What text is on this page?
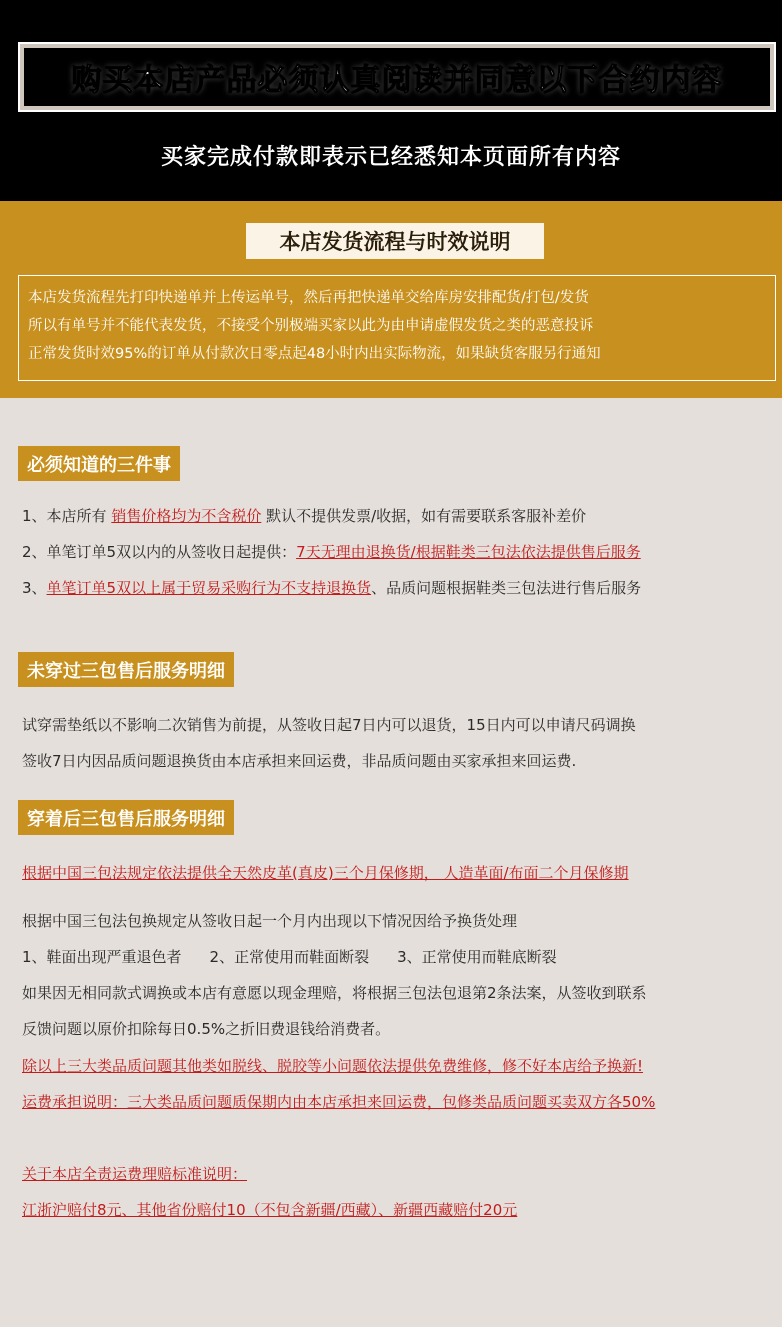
购买本店产品必须认真阅读并同意以下合约内容
买家完成付款即表示已经悉知本页面所有内容
本店发货流程与时效说明
本店发货流程先打印快递单并上传运单号，然后再把快递单交给库房安排配货/打包/发货
所以有单号并不能代表发货，不接受个别极端买家以此为由申请虚假发货之类的恶意投诉
正常发货时效95%的订单从付款次日零点起48小时内出实际物流，如果缺货客服另行通知
必须知道的三件事
1、本店所有 销售价格均为不含税价 默认不提供发票/收据，如有需要联系客服补差价
2、单笔订单5双以内的从签收日起提供：7天无理由退换货/根据鞋类三包法依法提供售后服务
3、单笔订单5双以上属于贸易采购行为不支持退换货、品质问题根据鞋类三包法进行售后服务
未穿过三包售后服务明细
试穿需垫纸以不影响二次销售为前提，从签收日起7日内可以退货，15日内可以申请尺码调换
签收7日内因品质问题退换货由本店承担来回运费，非品质问题由买家承担来回运费.
穿着后三包售后服务明细
根据中国三包法规定依法提供全天然皮革(真皮)三个月保修期， 人造革面/布面二个月保修期
根据中国三包法包换规定从签收日起一个月内出现以下情况因给予换货处理
1、鞋面出现严重退色者 2、正常使用而鞋面断裂 3、正常使用而鞋底断裂
如果因无相同款式调换或本店有意愿以现金理赔，将根据三包法包退第2条法案，从签收到联系
反馈问题以原价扣除每日0.5%之折旧费退钱给消费者。
除以上三大类品质问题其他类如脱线、脱胶等小问题依法提供免费维修，修不好本店给予换新!
运费承担说明：三大类品质问题质保期内由本店承担来回运费，包修类品质问题买卖双方各50%
关于本店全责运费理赔标准说明：
江浙沪赔付8元、其他省份赔付10（不包含新疆/西藏）、新疆西藏赔付20元
